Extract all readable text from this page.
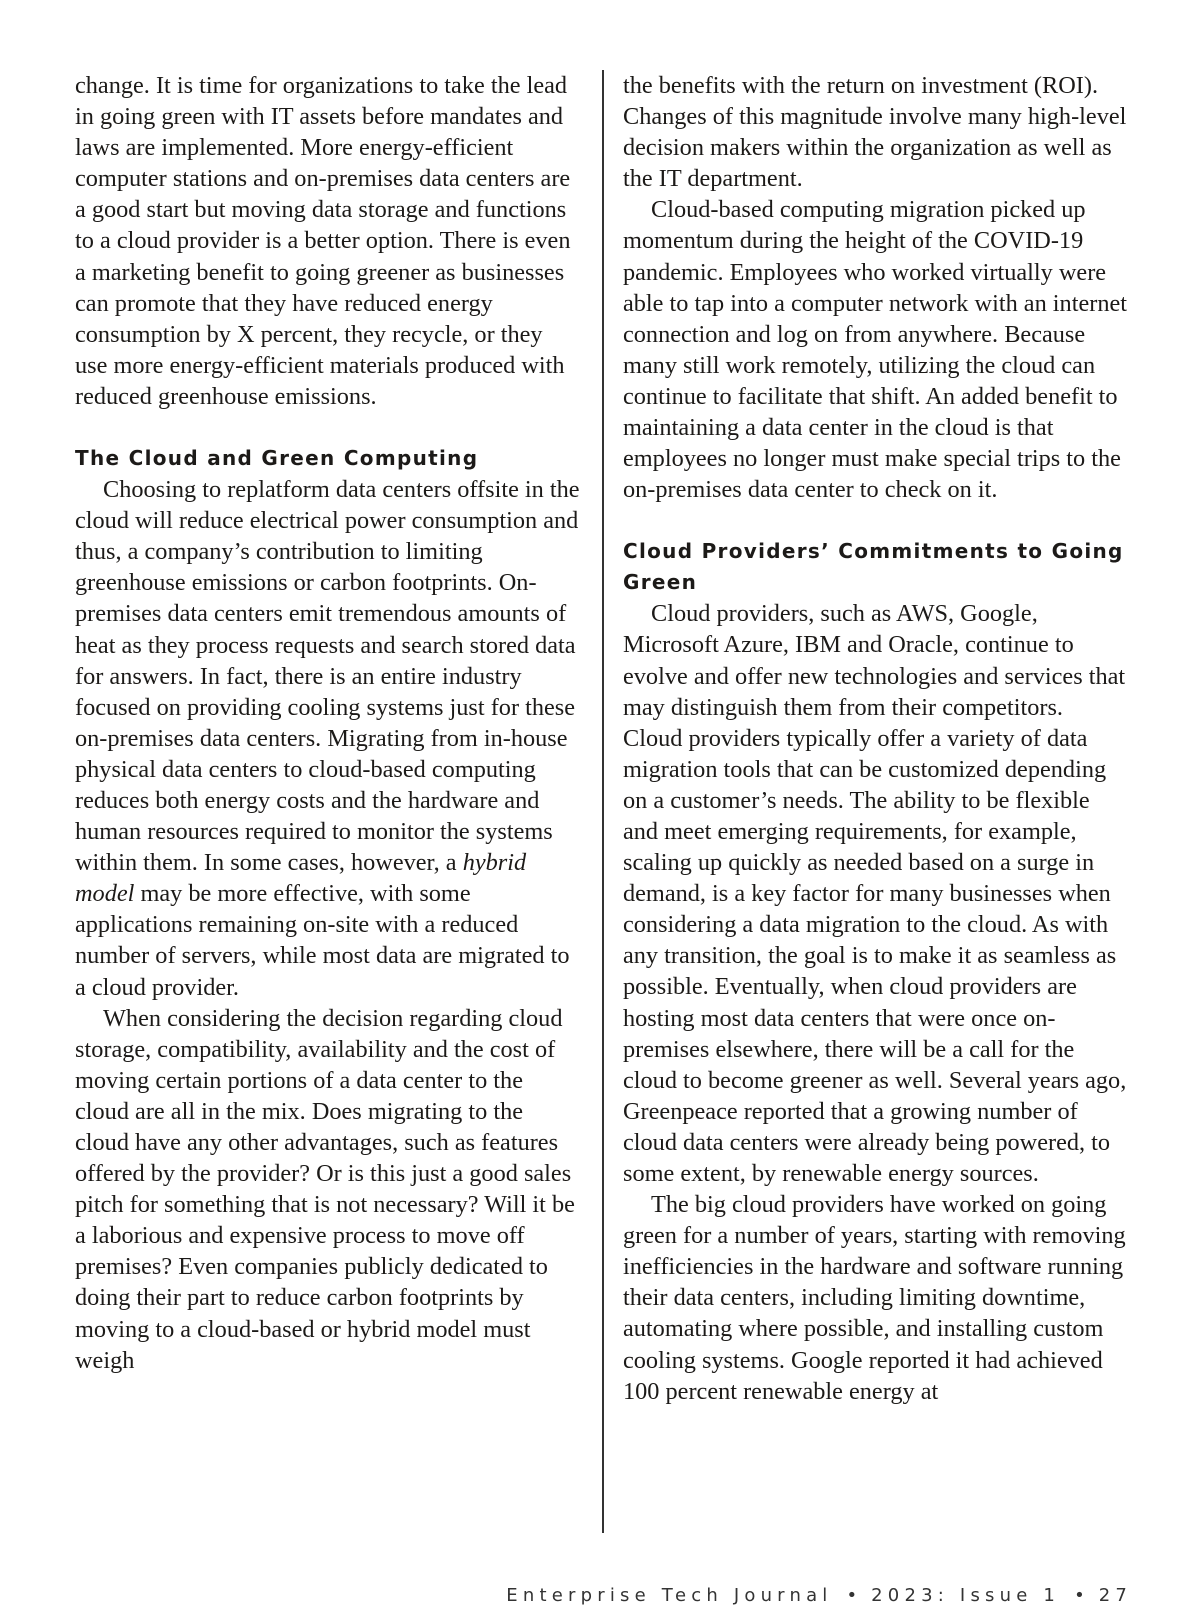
change. It is time for organizations to take the lead in going green with IT assets before mandates and laws are implemented. More energy-efficient computer stations and on-premises data centers are a good start but moving data storage and functions to a cloud provider is a better option. There is even a marketing benefit to going greener as businesses can promote that they have reduced energy consumption by X percent, they recycle, or they use more energy-efficient materials produced with reduced greenhouse emissions.

The Cloud and Green Computing

Choosing to replatform data centers offsite in the cloud will reduce electrical power consumption and thus, a company’s contribution to limiting greenhouse emissions or carbon footprints. On-premises data centers emit tremendous amounts of heat as they process requests and search stored data for answers. In fact, there is an entire industry focused on providing cooling systems just for these on-premises data centers. Migrating from in-house physical data centers to cloud-based computing reduces both energy costs and the hardware and human resources required to monitor the systems within them. In some cases, however, a hybrid model may be more effective, with some applications remaining on-site with a reduced number of servers, while most data are migrated to a cloud provider.

When considering the decision regarding cloud storage, compatibility, availability and the cost of moving certain portions of a data center to the cloud are all in the mix. Does migrating to the cloud have any other advantages, such as features offered by the provider? Or is this just a good sales pitch for something that is not necessary? Will it be a laborious and expensive process to move off premises? Even companies publicly dedicated to doing their part to reduce carbon footprints by moving to a cloud-based or hybrid model must weigh

the benefits with the return on investment (ROI). Changes of this magnitude involve many high-level decision makers within the organization as well as the IT department.

Cloud-based computing migration picked up momentum during the height of the COVID-19 pandemic. Employees who worked virtually were able to tap into a computer network with an internet connection and log on from anywhere. Because many still work remotely, utilizing the cloud can continue to facilitate that shift. An added benefit to maintaining a data center in the cloud is that employees no longer must make special trips to the on-premises data center to check on it.

Cloud Providers’ Commitments to Going Green

Cloud providers, such as AWS, Google, Microsoft Azure, IBM and Oracle, continue to evolve and offer new technologies and services that may distinguish them from their competitors. Cloud providers typically offer a variety of data migration tools that can be customized depending on a customer’s needs. The ability to be flexible and meet emerging requirements, for example, scaling up quickly as needed based on a surge in demand, is a key factor for many businesses when considering a data migration to the cloud. As with any transition, the goal is to make it as seamless as possible. Eventually, when cloud providers are hosting most data centers that were once on-premises elsewhere, there will be a call for the cloud to become greener as well. Several years ago, Greenpeace reported that a growing number of cloud data centers were already being powered, to some extent, by renewable energy sources.

The big cloud providers have worked on going green for a number of years, starting with removing inefficiencies in the hardware and software running their data centers, including limiting downtime, automating where possible, and installing custom cooling systems. Google reported it had achieved 100 percent renewable energy at

Enterprise Tech Journal • 2023: Issue 1 • 27
